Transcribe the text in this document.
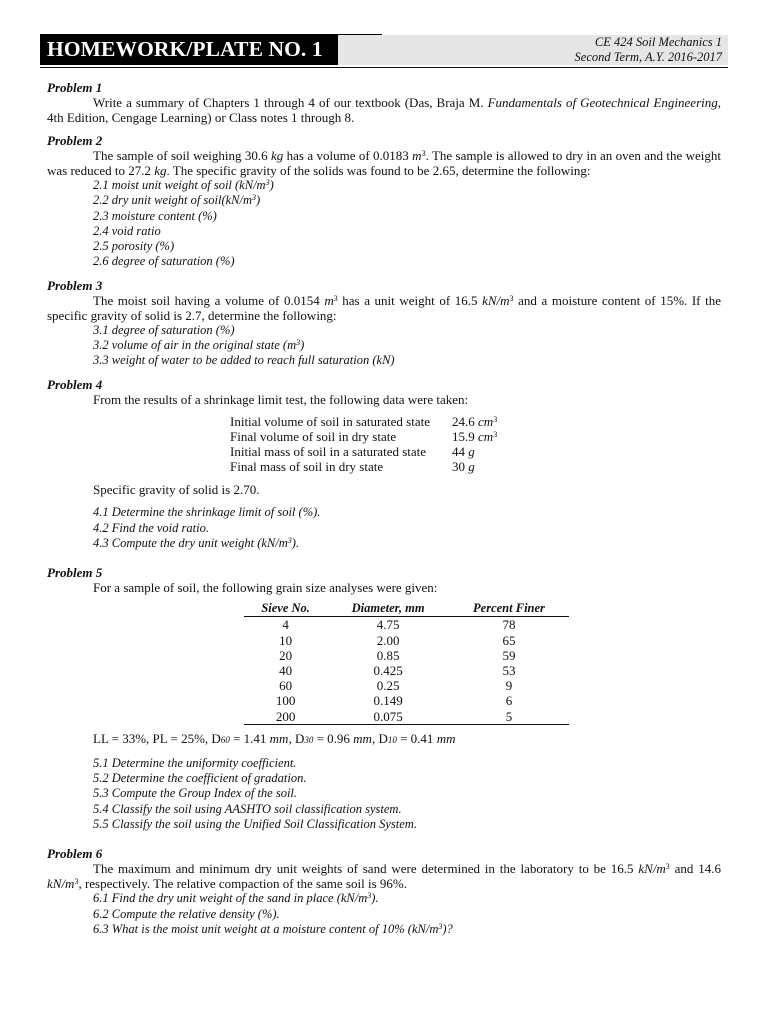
HOMEWORK/PLATE NO. 1	CE 424 Soil Mechanics 1
Second Term, A.Y. 2016-2017
Problem 1

Write a summary of Chapters 1 through 4 of our textbook (Das, Braja M. Fundamentals of Geotechnical Engineering, 4th Edition, Cengage Learning) or Class notes 1 through 8.

Problem 2

The sample of soil weighing 30.6 kg has a volume of 0.0183 $m^3$. The sample is allowed to dry in an oven and the weight was reduced to 27.2 kg. The specific gravity of the solids was found to be 2.65, determine the following:

2.1 moist unit weight of soil $(kN/m^3)$
2.2 dry unit weight of $soil(kN/m^3)$
2.3 moisture content (%)
2.4 void ratio
2.5 porosity (%)
2.6 degree of saturation (%)
Problem 3

The moist soil having a volume of 0.0154 $m^3$ has a unit weight of 16.5 $kN/m^3$ and a moisture content of 15%. If the specific gravity of solid is 2.7, determine the following:

3.1 degree of saturation (%)
3.2 volume of air in the original state $(m^3)$
3.3 weight of water to be added to reach full saturation (kN)
Problem 4

From the results of a shrinkage limit test, the following data were taken:

Initial volume of soil in saturated state	24.6 $cm^3$
Final volume of soil in dry state	15.9 $cm^3$
Initial mass of soil in a saturated state	44 g
Final mass of soil in dry state	30 g
Specific gravity of solid is 2.70.
4.1 Determine the shrinkage limit of soil (%).
4.2 Find the void ratio.
4.3 Compute the dry unit weight $(kN/m^3)$.
Problem 5

For a sample of soil, the following grain size analyses were given:

Sieve No.	Diameter, mm	Percent Finer
4	4.75	78
10	2.00	65
20	0.85	59
40	0.425	53
60	0.25	9
100	0.149	6
200	0.075	5
LL = 33%, PL = 25%, D60 = 1.41 mm, D30 = 0.96 mm, D10 = 0.41 mm
5.1 Determine the uniformity coefficient.
5.2 Determine the coefficient of gradation.
5.3 Compute the Group Index of the soil.
5.4 Classify the soil using AASHTO soil classification system.
5.5 Classify the soil using the Unified Soil Classification System.
Problem 6

The maximum and minimum dry unit weights of sand were determined in the laboratory to be 16.5 $kN/m^3$ and 14.6 $kN/m^3$, respectively. The relative compaction of the same soil is 96%.

6.1 Find the dry unit weight of the sand in place $(kN/m^3)$.
6.2 Compute the relative density (%).
6.3 What is the moist unit weight at a moisture content of 10% $(kN/m^3)$?
